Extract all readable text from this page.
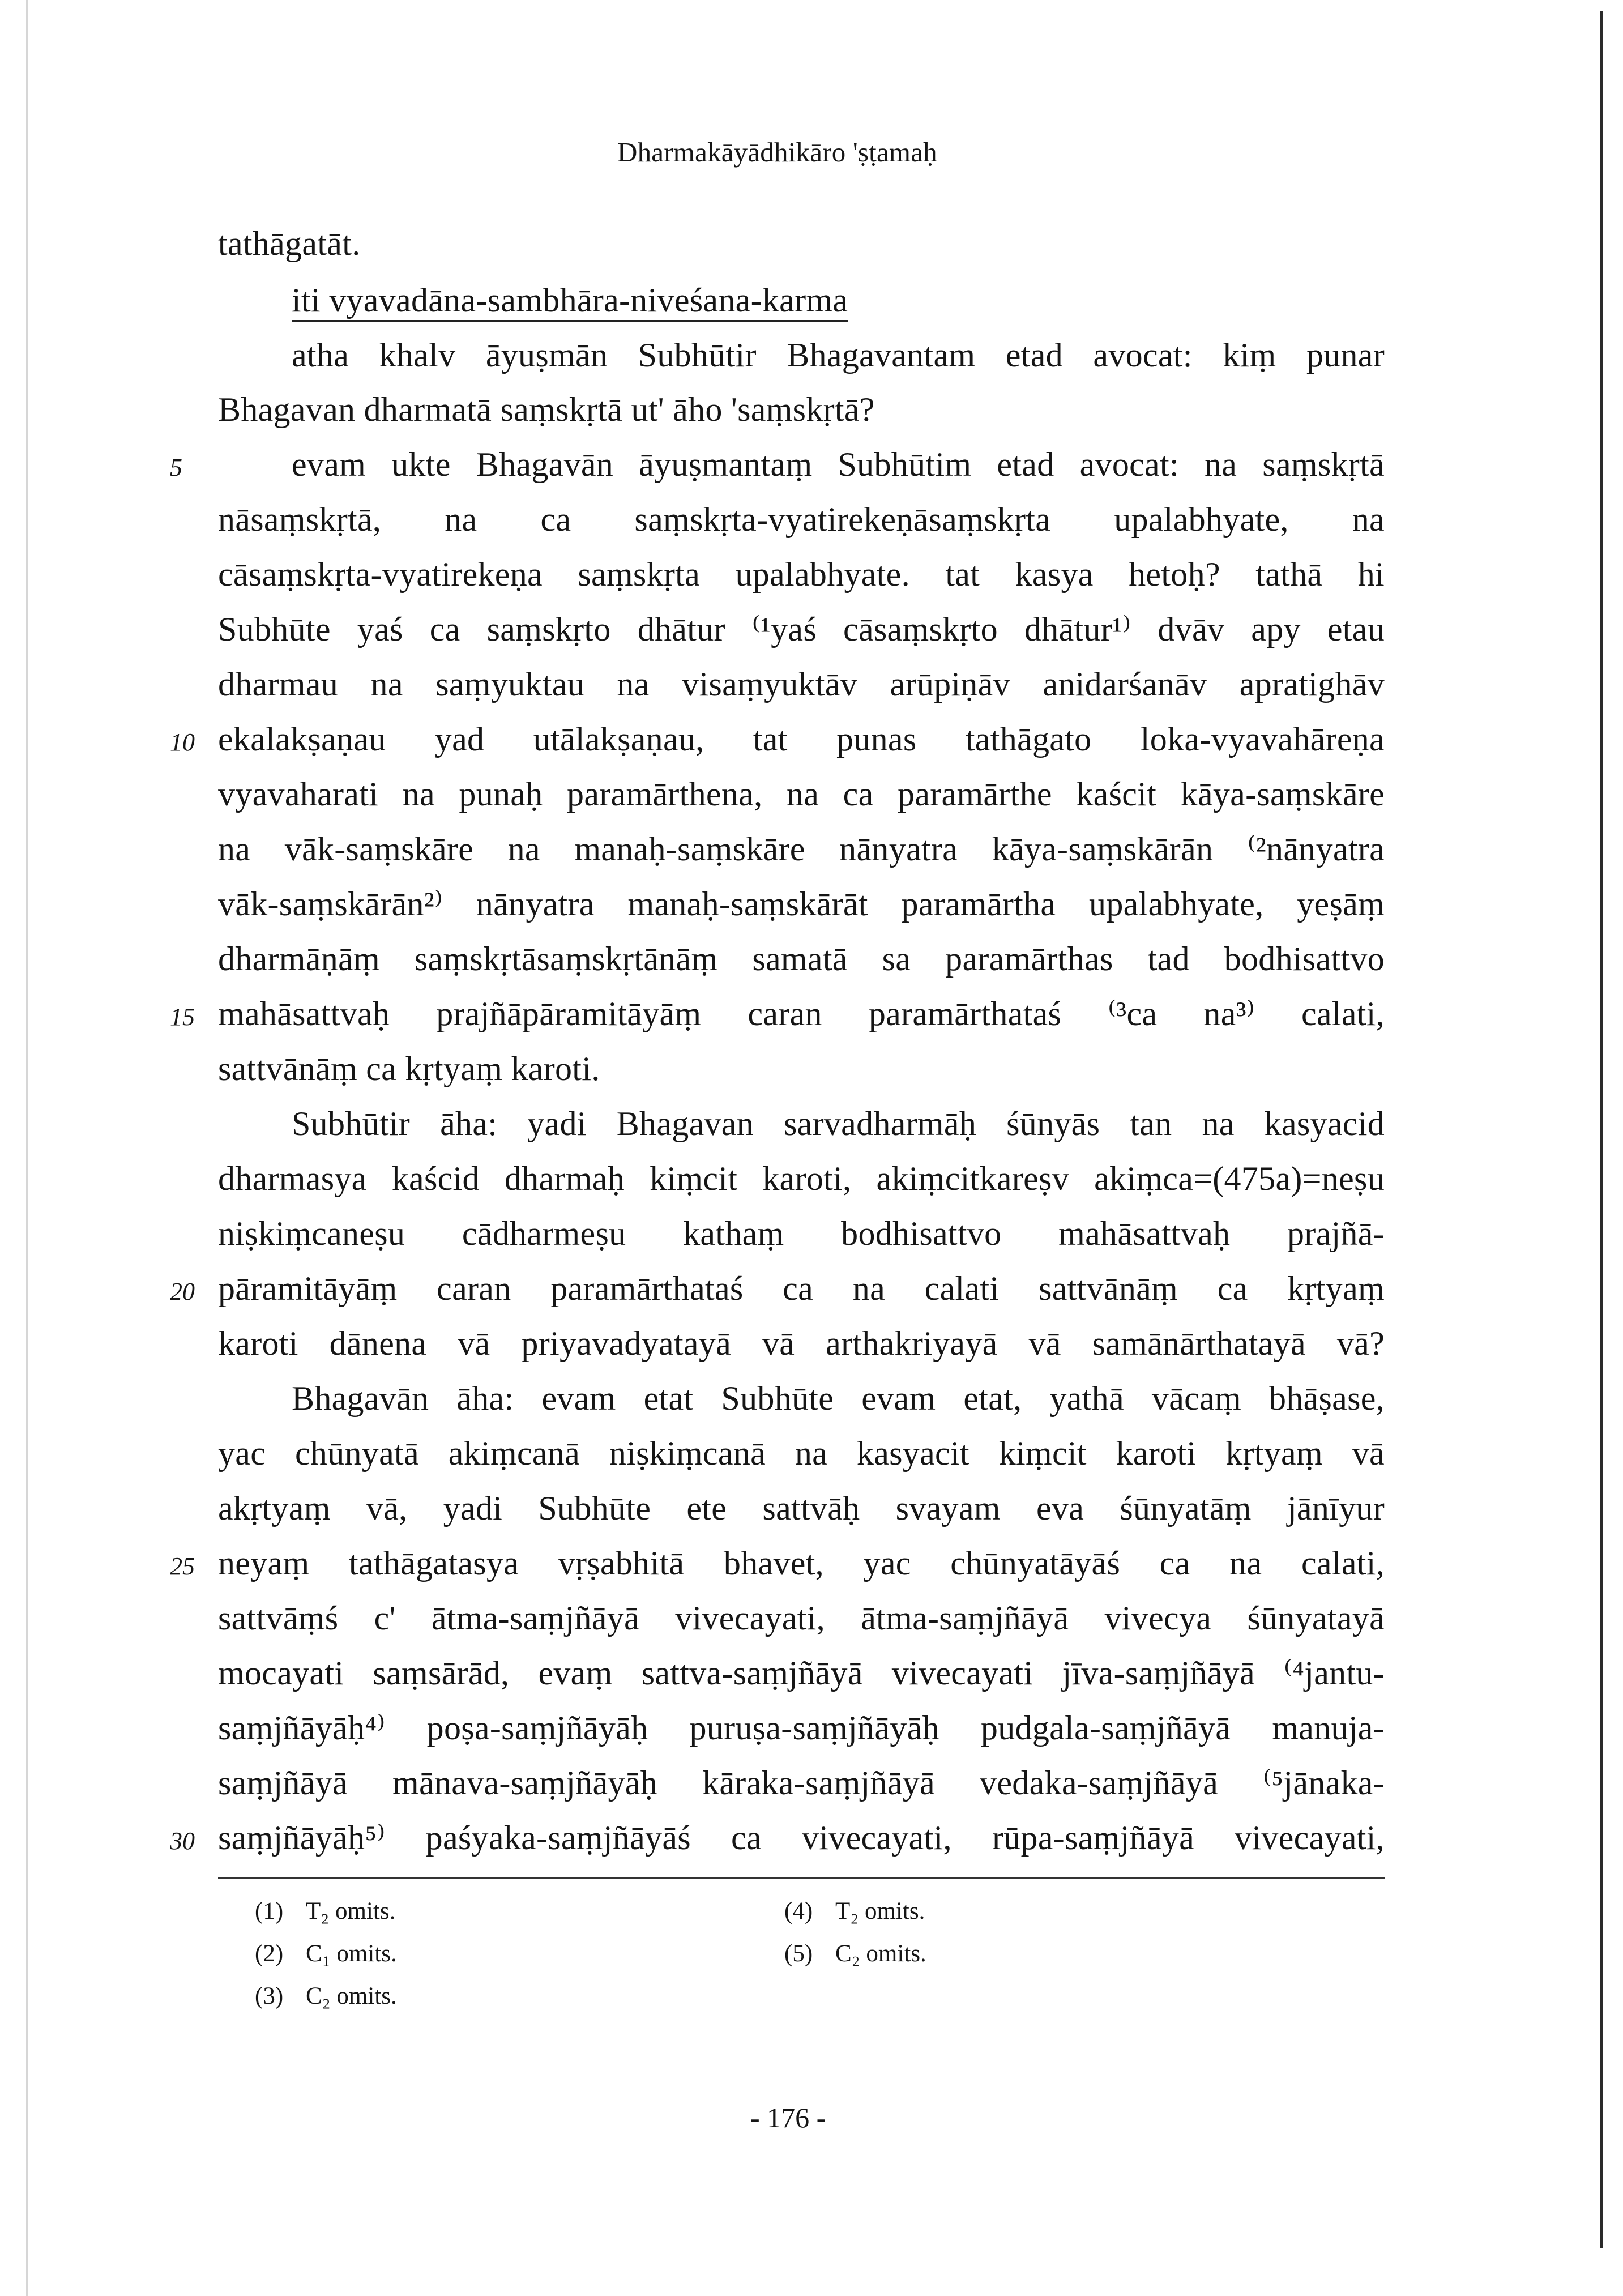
Dharmakāyādhikāro 'ṣṭamaḥ
tathāgatāt.
iti vyavadāna-sambhāra-niveśana-karma
atha khalv āyuṣmān Subhūtir Bhagavantam etad avocat: kiṃ punar
Bhagavan dharmatā saṃskṛtā ut' āho 'saṃskṛtā?
evam ukte Bhagavān āyuṣmantaṃ Subhūtim etad avocat: na saṃskṛtā
nāsaṃskṛtā, na ca saṃskṛta-vyatirekeṇāsaṃskṛta upalabhyate, na
cāsaṃskṛta-vyatirekeṇa saṃskṛta upalabhyate. tat kasya hetoḥ? tathā hi
Subhūte yaś ca saṃskṛto dhātur ⁽¹yaś cāsaṃskṛto dhātur¹⁾ dvāv apy etau
dharmau na saṃyuktau na visaṃyuktāv arūpiṇāv anidarśanāv apratighāv
ekalakṣaṇau yad utālakṣaṇau, tat punas tathāgato loka-vyavahāreṇa
vyavaharati na punaḥ paramārthena, na ca paramārthe kaścit kāya-saṃskāre
na vāk-saṃskāre na manaḥ-saṃskāre nānyatra kāya-saṃskārān ⁽²nānyatra
vāk-saṃskārān²⁾ nānyatra manaḥ-saṃskārāt paramārtha upalabhyate, yeṣāṃ
dharmāṇāṃ saṃskṛtāsaṃskṛtānāṃ samatā sa paramārthas tad bodhisattvo
mahāsattvaḥ prajñāpāramitāyāṃ caran paramārthataś ⁽³ca na³⁾ calati,
sattvānāṃ ca kṛtyaṃ karoti.
Subhūtir āha: yadi Bhagavan sarvadharmāḥ śūnyās tan na kasyacid
dharmasya kaścid dharmaḥ kiṃcit karoti, akiṃcitkareṣv akiṃca=(475a)=neṣu
niṣkiṃcaneṣu cādharmeṣu kathaṃ bodhisattvo mahāsattvaḥ prajñā-
pāramitāyāṃ caran paramārthataś ca na calati sattvānāṃ ca kṛtyaṃ
karoti dānena vā priyavadyatayā vā arthakriyayā vā samānārthatayā vā?
Bhagavān āha: evam etat Subhūte evam etat, yathā vācaṃ bhāṣase,
yac chūnyatā akiṃcanā niṣkiṃcanā na kasyacit kiṃcit karoti kṛtyaṃ vā
akṛtyaṃ vā, yadi Subhūte ete sattvāḥ svayam eva śūnyatāṃ jānīyur
neyaṃ tathāgatasya vṛṣabhitā bhavet, yac chūnyatāyāś ca na calati,
sattvāṃś c' ātma-saṃjñāyā vivecayati, ātma-saṃjñāyā vivecya śūnyatayā
mocayati saṃsārād, evaṃ sattva-saṃjñāyā vivecayati jīva-saṃjñāyā ⁽⁴jantu-
saṃjñāyāḥ⁴⁾ poṣa-saṃjñāyāḥ puruṣa-saṃjñāyāḥ pudgala-saṃjñāyā manuja-
saṃjñāyā mānava-saṃjñāyāḥ kāraka-saṃjñāyā vedaka-saṃjñāyā ⁽⁵jānaka-
saṃjñāyāḥ⁵⁾ paśyaka-saṃjñāyāś ca vivecayati, rūpa-saṃjñāyā vivecayati,
5
10
15
20
25
30
(1) T₂ omits.
(2) C₁ omits.
(3) C₂ omits.
(4) T₂ omits.
(5) C₂ omits.
- 176 -
